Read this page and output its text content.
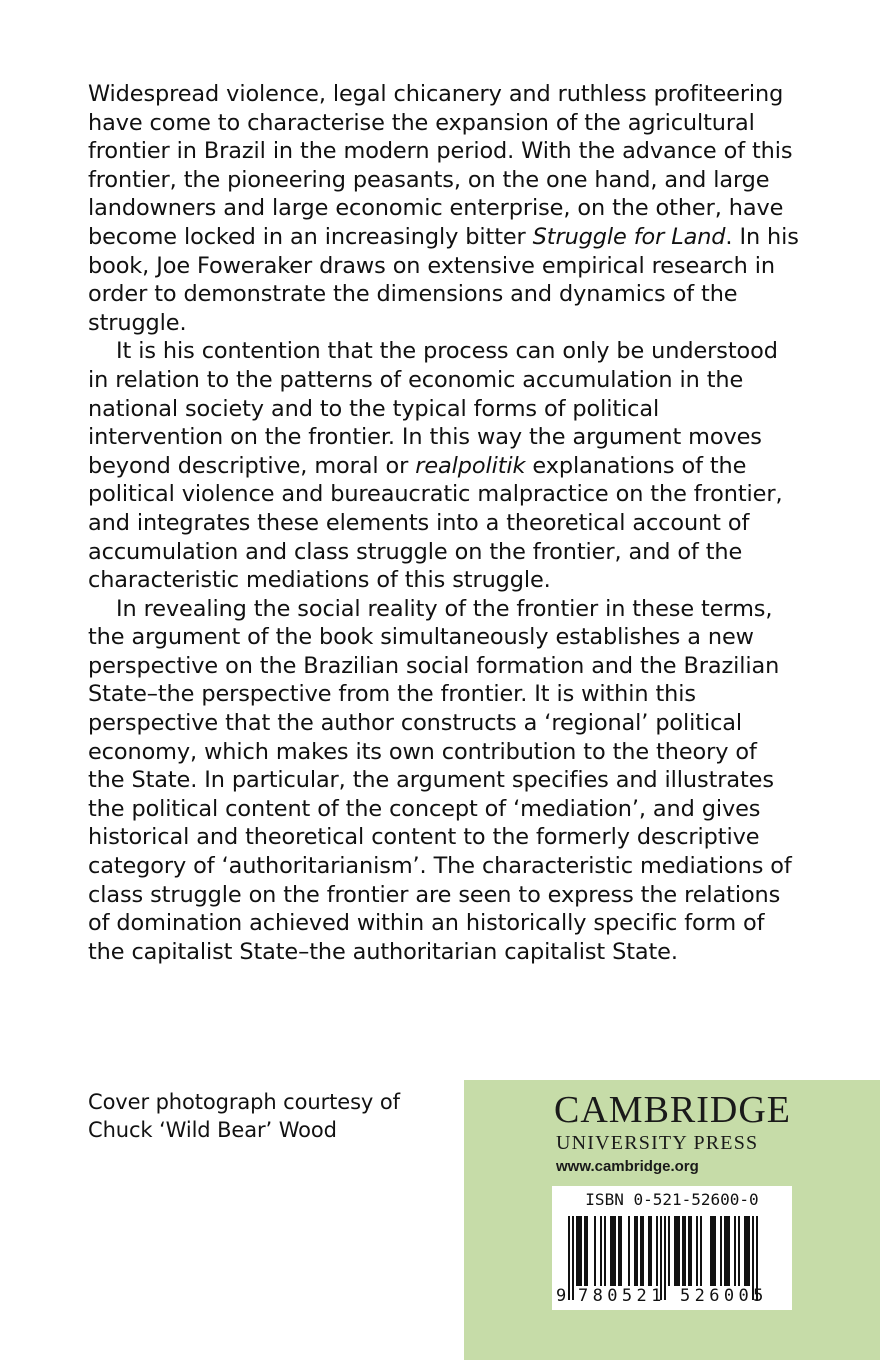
Widespread violence, legal chicanery and ruthless profiteering have come to characterise the expansion of the agricultural frontier in Brazil in the modern period. With the advance of this frontier, the pioneering peasants, on the one hand, and large landowners and large economic enterprise, on the other, have become locked in an increasingly bitter Struggle for Land. In his book, Joe Foweraker draws on extensive empirical research in order to demonstrate the dimensions and dynamics of the struggle.

It is his contention that the process can only be understood in relation to the patterns of economic accumulation in the national society and to the typical forms of political intervention on the frontier. In this way the argument moves beyond descriptive, moral or realpolitik explanations of the political violence and bureaucratic malpractice on the frontier, and integrates these elements into a theoretical account of accumulation and class struggle on the frontier, and of the characteristic mediations of this struggle.

In revealing the social reality of the frontier in these terms, the argument of the book simultaneously establishes a new perspective on the Brazilian social formation and the Brazilian State–the perspective from the frontier. It is within this perspective that the author constructs a ‘regional’ political economy, which makes its own contribution to the theory of the State. In particular, the argument specifies and illustrates the political content of the concept of ‘mediation’, and gives historical and theoretical content to the formerly descriptive category of ‘authoritarianism’. The characteristic mediations of class struggle on the frontier are seen to express the relations of domination achieved within an historically specific form of the capitalist State–the authoritarian capitalist State.

Cover photograph courtesy of
Chuck ‘Wild Bear’ Wood	CAMBRIDGE
UNIVERSITY PRESS
www.cambridge.org
ISBN 0-521-52600-0
9 780521 526005
